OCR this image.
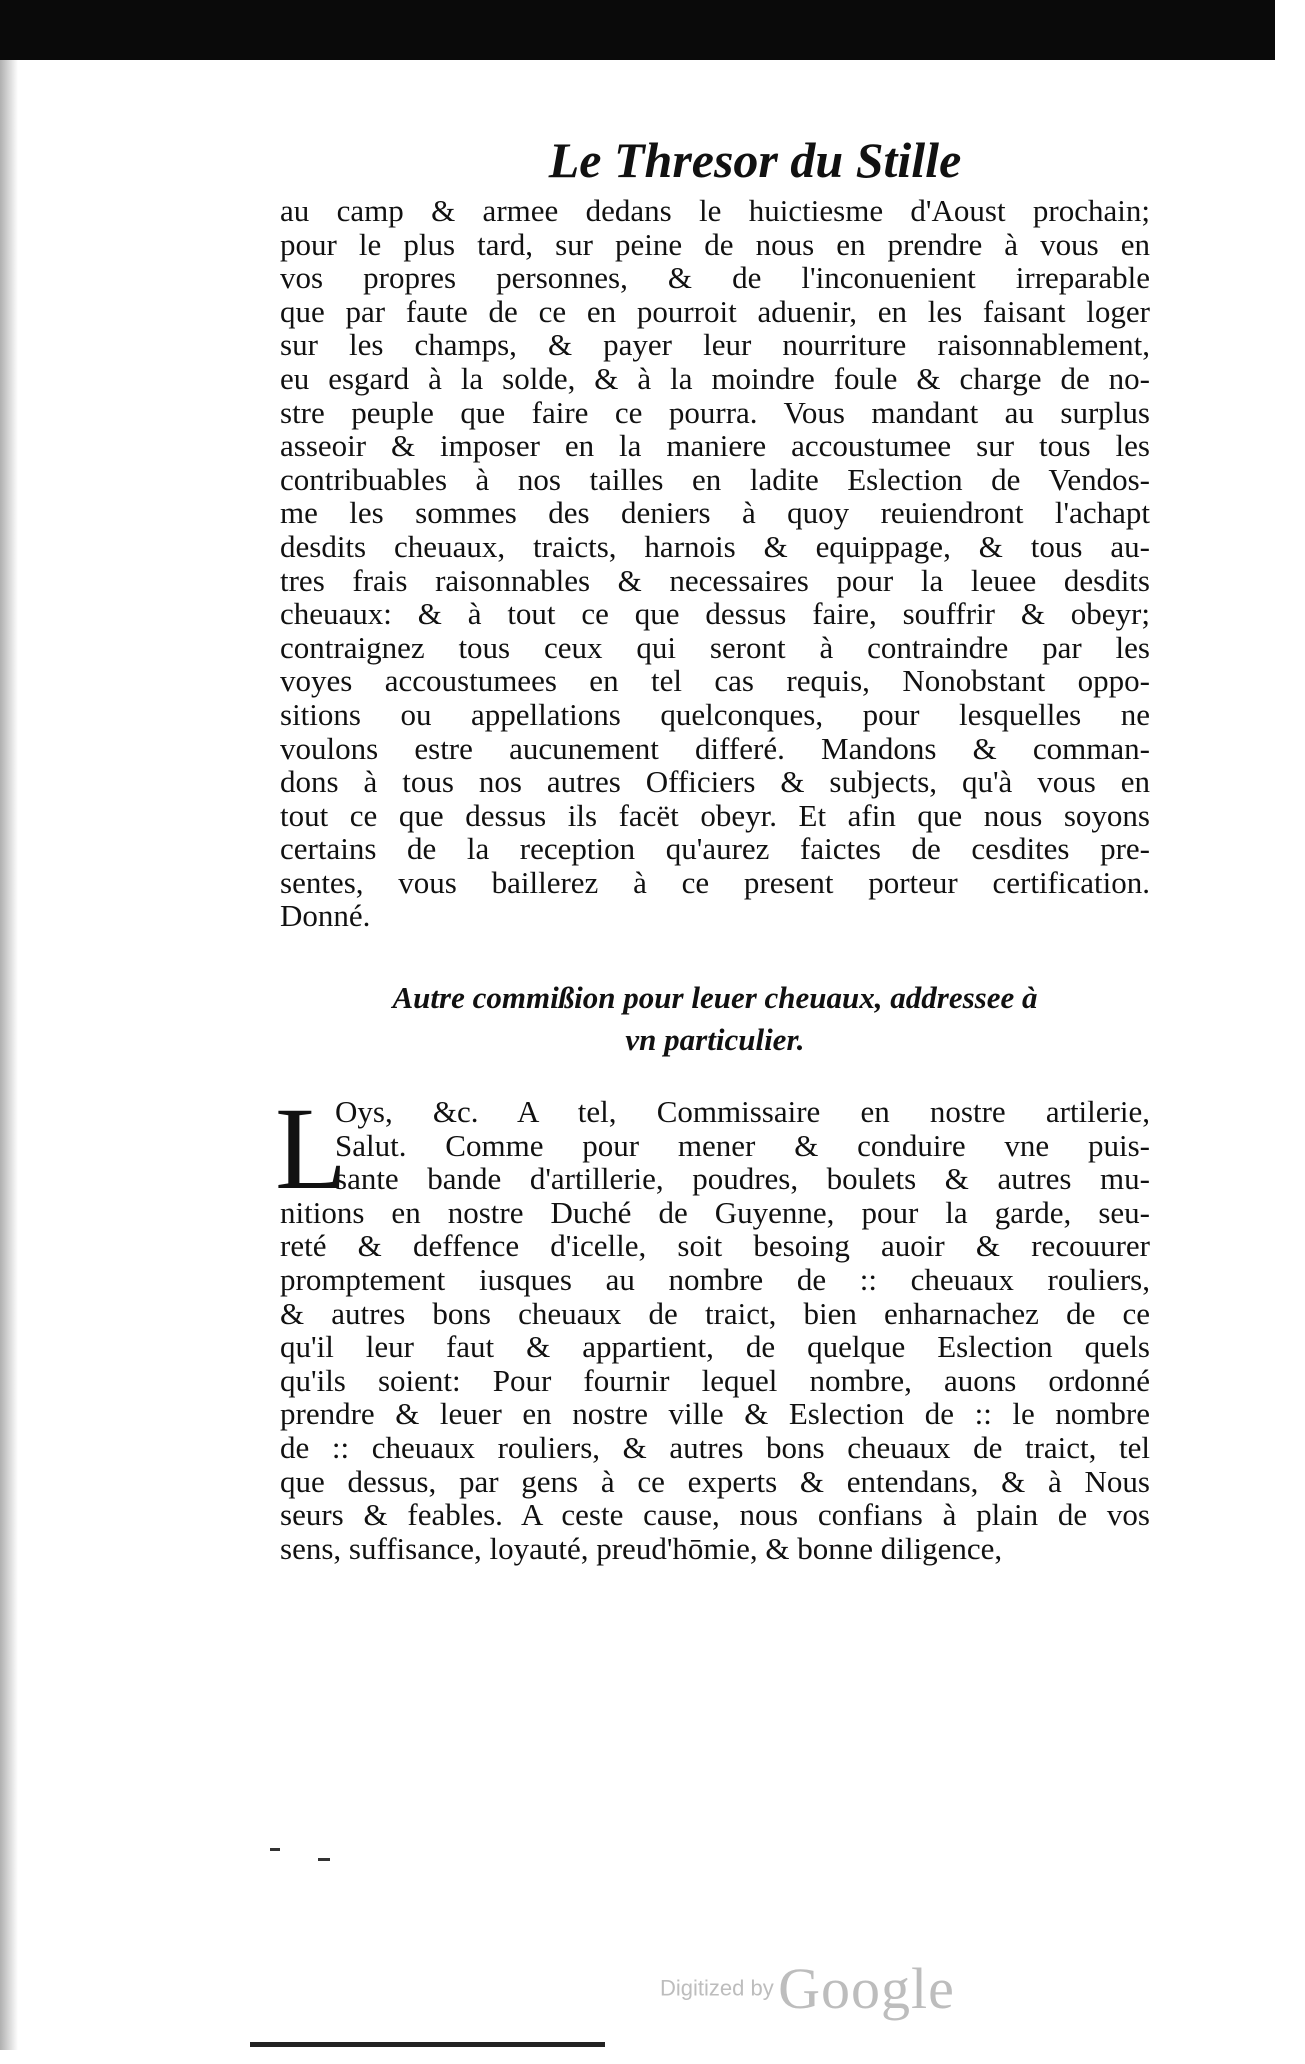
Le Thresor du Stille
au camp & armee dedans le huictiesme d'Aoust prochain;
pour le plus tard, sur peine de nous en prendre à vous en
vos propres personnes, & de l'inconuenient irreparable
que par faute de ce en pourroit aduenir, en les faisant loger
sur les champs, & payer leur nourriture raisonnablement,
eu esgard à la solde, & à la moindre foule & charge de no-
stre peuple que faire ce pourra. Vous mandant au surplus
asseoir & imposer en la maniere accoustumee sur tous les
contribuables à nos tailles en ladite Eslection de Vendos-
me les sommes des deniers à quoy reuiendront l'achapt
desdits cheuaux, traicts, harnois & equippage, & tous au-
tres frais raisonnables & necessaires pour la leuee desdits
cheuaux: & à tout ce que dessus faire, souffrir & obeyr;
contraignez tous ceux qui seront à contraindre par les
voyes accoustumees en tel cas requis, Nonobstant oppo-
sitions ou appellations quelconques, pour lesquelles ne
voulons estre aucunement differé. Mandons & comman-
dons à tous nos autres Officiers & subjects, qu'à vous en
tout ce que dessus ils facët obeyr. Et afin que nous soyons
certains de la reception qu'aurez faictes de cesdites pre-
sentes, vous baillerez à ce present porteur certification.
Donné.
Autre commißion pour leuer cheuaux, addressee à
vn particulier.
L
Oys, &c. A tel, Commissaire en nostre artilerie,
Salut. Comme pour mener & conduire vne puis-
sante bande d'artillerie, poudres, boulets & autres mu-
nitions en nostre Duché de Guyenne, pour la garde, seu-
reté & deffence d'icelle, soit besoing auoir & recouurer
promptement iusques au nombre de :: cheuaux rouliers,
& autres bons cheuaux de traict, bien enharnachez de ce
qu'il leur faut & appartient, de quelque Eslection quels
qu'ils soient: Pour fournir lequel nombre, auons ordonné
prendre & leuer en nostre ville & Eslection de :: le nombre
de :: cheuaux rouliers, & autres bons cheuaux de traict, tel
que dessus, par gens à ce experts & entendans, & à Nous
seurs & feables. A ceste cause, nous confians à plain de vos
sens, suffisance, loyauté, preud'hōmie, & bonne diligence,
Digitized by Google
